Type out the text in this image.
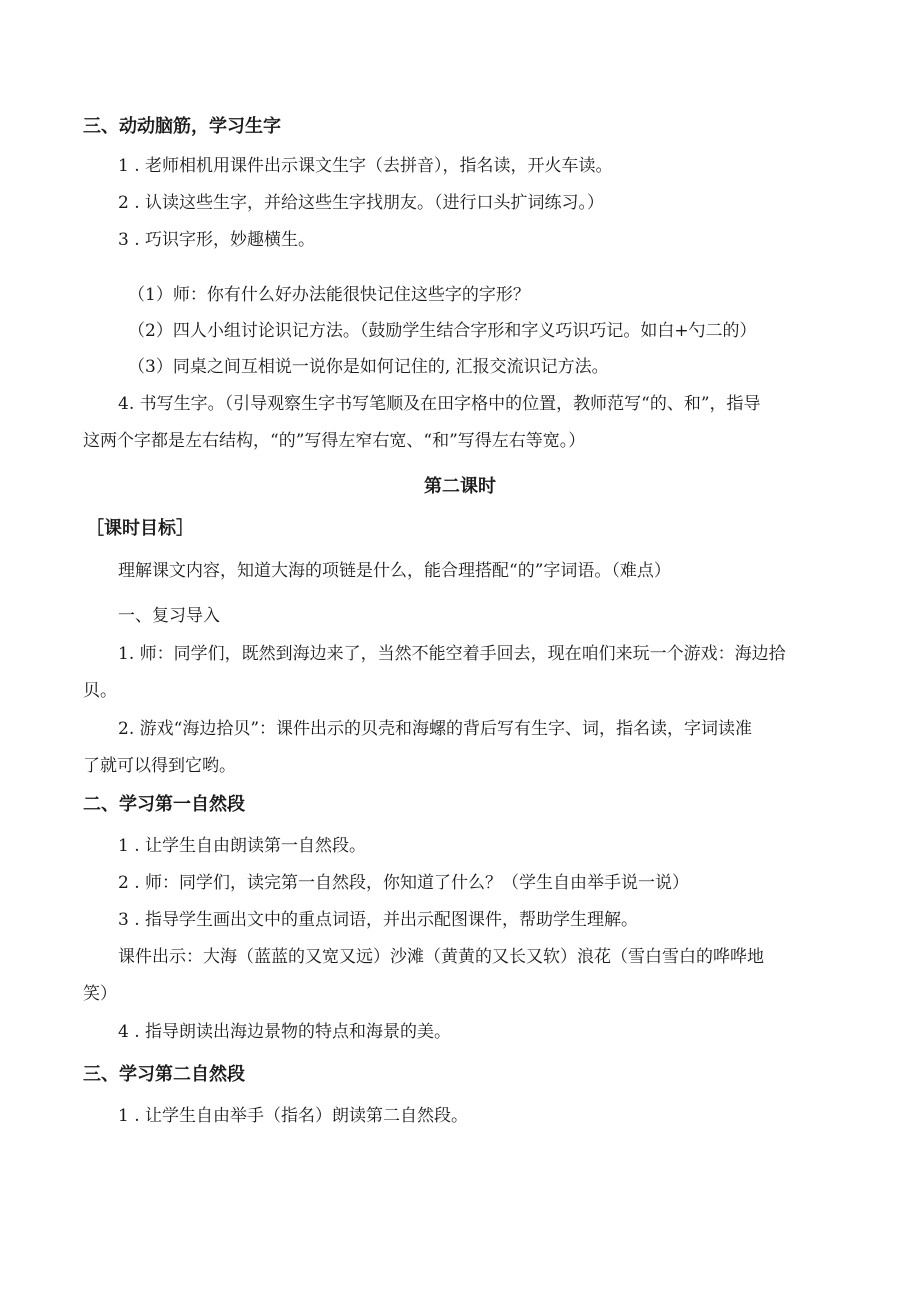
三、动动脑筋，学习生字
1 . 老师相机用课件出示课文生字（去拼音），指名读，开火车读。
2 . 认读这些生字，并给这些生字找朋友。（进行口头扩词练习。）
3 . 巧识字形，妙趣横生。
（1）师：你有什么好办法能很快记住这些字的字形？
（2）四人小组讨论识记方法。（鼓励学生结合字形和字义巧识巧记。如白+勺二的）
（3）同桌之间互相说一说你是如何记住的, 汇报交流识记方法。
4. 书写生字。（引导观察生字书写笔顺及在田字格中的位置，教师范写“的、和”，指导
这两个字都是左右结构，“的”写得左窄右宽、“和”写得左右等宽。）
第二课时
［课时目标］
理解课文内容，知道大海的项链是什么，能合理搭配“的”字词语。（难点）
一、复习导入
1. 师：同学们，既然到海边来了，当然不能空着手回去，现在咱们来玩一个游戏：海边拾
贝。
2. 游戏“海边拾贝”：课件出示的贝壳和海螺的背后写有生字、词，指名读，字词读准
了就可以得到它哟。
二、学习第一自然段
1 . 让学生自由朗读第一自然段。
2 . 师：同学们，读完第一自然段，你知道了什么？（学生自由举手说一说）
3 . 指导学生画出文中的重点词语，并出示配图课件，帮助学生理解。
课件出示：大海（蓝蓝的又宽又远）沙滩（黄黄的又长又软）浪花（雪白雪白的哗哗地
笑）
4 . 指导朗读出海边景物的特点和海景的美。
三、学习第二自然段
1 . 让学生自由举手（指名）朗读第二自然段。
